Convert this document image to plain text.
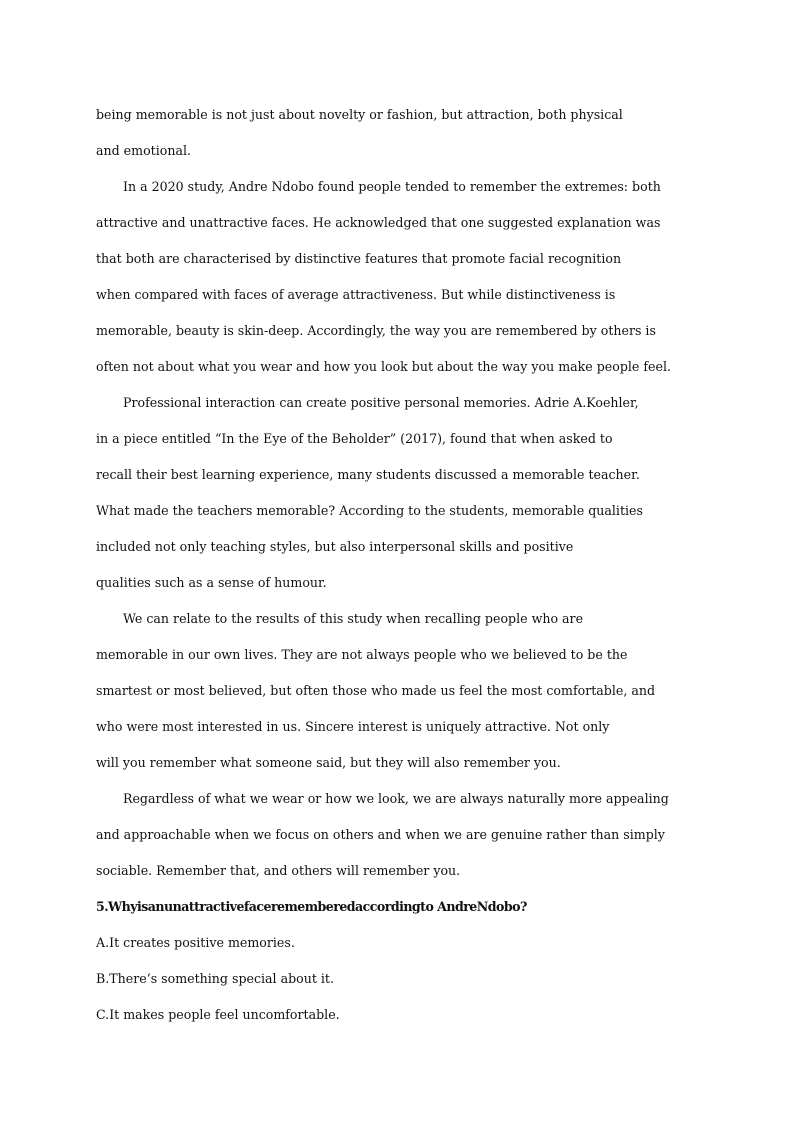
being memorable is not just about novelty or fashion, but attraction, both physical
and emotional.
In a 2020 study, Andre Ndobo found people tended to remember the extremes: both
attractive and unattractive faces. He acknowledged that one suggested explanation was
that both are characterised by distinctive features that promote facial recognition
when compared with faces of average attractiveness. But while distinctiveness is
memorable, beauty is skin-deep. Accordingly, the way you are remembered by others is
often not about what you wear and how you look but about the way you make people feel.
Professional interaction can create positive personal memories. Adrie A.Koehler,
in a piece entitled “In the Eye of the Beholder” (2017), found that when asked to
recall their best learning experience, many students discussed a memorable teacher.
What made the teachers memorable? According to the students, memorable qualities
included not only teaching styles, but also interpersonal skills and positive
qualities such as a sense of humour.
We can relate to the results of this study when recalling people who are
memorable in our own lives. They are not always people who we believed to be the
smartest or most believed, but often those who made us feel the most comfortable, and
who were most interested in us. Sincere interest is uniquely attractive. Not only
will you remember what someone said, but they will also remember you.
Regardless of what we wear or how we look, we are always naturally more appealing
and approachable when we focus on others and when we are genuine rather than simply
sociable. Remember that, and others will remember you.
5.Whyisanunattractivefacerememberedaccordingto AndreNdobo?
A.It creates positive memories.
B.There’s something special about it.
C.It makes people feel uncomfortable.
